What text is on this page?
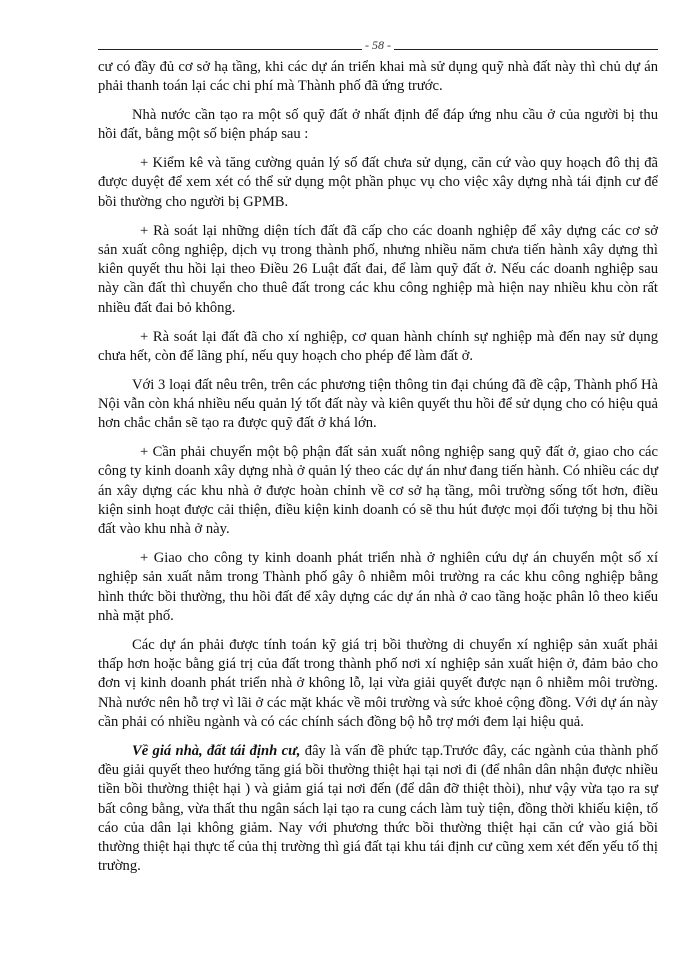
- 58 -

cư có đầy đủ cơ sở hạ tầng, khi các dự án triển khai mà sử dụng quỹ nhà đất này thì chủ dự án phải thanh toán lại các chi phí mà Thành phố đã ứng trước.

Nhà nước cần tạo ra một số quỹ đất ở nhất định để đáp ứng nhu cầu ở của người bị thu hồi đất, bằng một số biện pháp sau :

+ Kiểm kê và tăng cường quản lý số đất chưa sử dụng, căn cứ vào quy hoạch đô thị đã được duyệt để xem xét có thể sử dụng một phần phục vụ cho việc xây dựng nhà tái định cư để bồi thường cho người bị GPMB.

+ Rà soát lại những diện tích đất đã cấp cho các doanh nghiệp để xây dựng các cơ sở sản xuất công nghiệp, dịch vụ trong thành phố, nhưng nhiều năm chưa tiến hành xây dựng thì kiên quyết thu hồi lại theo Điều 26 Luật đất đai, để làm quỹ đất ở. Nếu các doanh nghiệp sau này cần đất thì chuyển cho thuê đất trong các khu công nghiệp mà hiện nay nhiều khu còn rất nhiều đất đai bỏ không.

+ Rà soát lại đất đã cho xí nghiệp, cơ quan hành chính sự nghiệp mà đến nay sử dụng chưa hết, còn để lãng phí, nếu quy hoạch cho phép để làm đất ở.

Với 3 loại đất nêu trên, trên các phương tiện thông tin đại chúng đã đề cập, Thành phố Hà Nội vẫn còn khá nhiều nếu quản lý tốt đất này và kiên quyết thu hồi để sử dụng cho có hiệu quả hơn chắc chắn sẽ tạo ra được quỹ đất ở khá lớn.

+ Cần phải chuyển một bộ phận đất sản xuất nông nghiệp sang quỹ đất ở, giao cho các công ty kinh doanh xây dựng nhà ở quản lý theo các dự án như đang tiến hành. Có nhiều các dự án xây dựng các khu nhà ở được hoàn chỉnh về cơ sở hạ tầng, môi trường sống tốt hơn, điều kiện sinh hoạt được cải thiện, điều kiện kinh doanh có sẽ thu hút được mọi đối tượng bị thu hồi đất vào khu nhà ở này.

+ Giao cho công ty kinh doanh phát triển nhà ở nghiên cứu dự án chuyển một số xí nghiệp sản xuất nằm trong Thành phố gây ô nhiễm môi trường ra các khu công nghiệp bằng hình thức bồi thường, thu hồi đất để xây dựng các dự án nhà ở cao tầng hoặc phân lô theo kiểu nhà mặt phố.

Các dự án phải được tính toán kỹ giá trị bồi thường di chuyển xí nghiệp sản xuất phải thấp hơn hoặc bằng giá trị của đất trong thành phố nơi xí nghiệp sản xuất hiện ở, đảm bảo cho đơn vị kinh doanh phát triển nhà ở không lỗ, lại vừa giải quyết được nạn ô nhiễm môi trường. Nhà nước nên hỗ trợ vì lãi ở các mặt khác về môi trường và sức khoẻ cộng đồng. Với dự án này cần phải có nhiều ngành và có các chính sách đồng bộ hỗ trợ mới đem lại hiệu quả.

Về giá nhà, đất tái định cư, đây là vấn đề phức tạp.Trước đây, các ngành của thành phố đều giải quyết theo hướng tăng giá bồi thường thiệt hại tại nơi đi (để nhân dân nhận được nhiều tiền bồi thường thiệt hại ) và giảm giá tại nơi đến (để dân đỡ thiệt thòi), như vậy vừa tạo ra sự bất công bằng, vừa thất thu ngân sách lại tạo ra cung cách làm tuỳ tiện, đồng thời khiếu kiện, tố cáo của dân lại không giảm. Nay với phương thức bồi thường thiệt hại căn cứ vào giá bồi thường thiệt hại thực tế của thị trường thì giá đất tại khu tái định cư cũng xem xét đến yếu tố thị trường.
